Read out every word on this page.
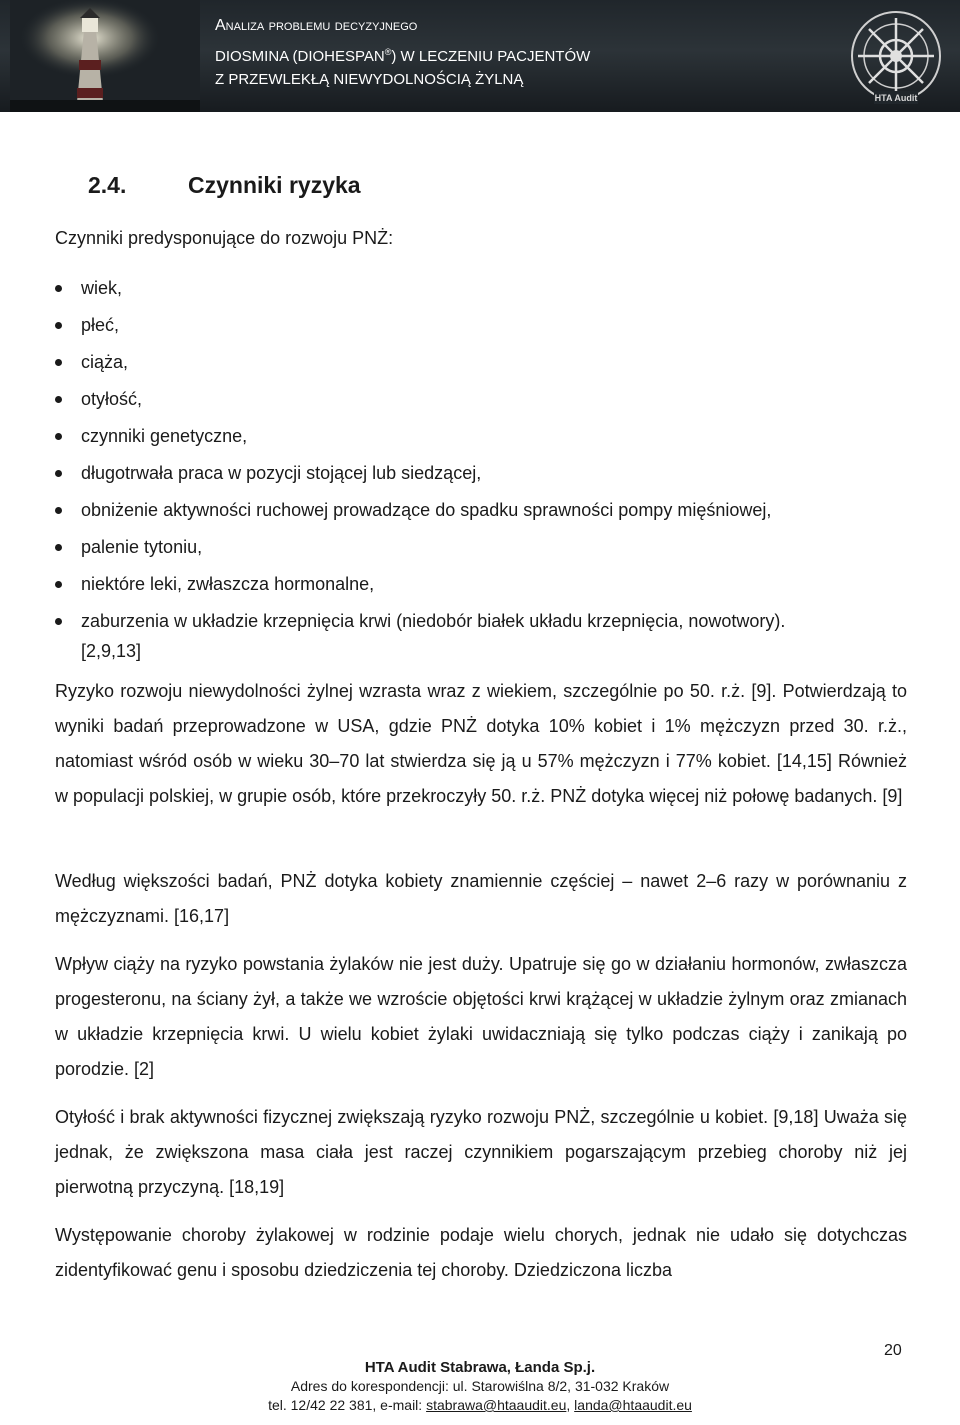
Analiza problemu decyzyjnego
DIOSMINA (DIOHESPAN®) W LECZENIU PACJENTÓW
Z PRZEWLEKŁĄ NIEWYDOLNOŚCIĄ ŻYLNĄ
HTA Audit
2.4.	Czynniki ryzyka
Czynniki predysponujące do rozwoju PNŻ:
wiek,
płeć,
ciąża,
otyłość,
czynniki genetyczne,
długotrwała praca w pozycji stojącej lub siedzącej,
obniżenie aktywności ruchowej prowadzące do spadku sprawności pompy mięśniowej,
palenie tytoniu,
niektóre leki, zwłaszcza hormonalne,
zaburzenia w układzie krzepnięcia krwi (niedobór białek układu krzepnięcia, nowotwory).
[2,9,13]
Ryzyko rozwoju niewydolności żylnej wzrasta wraz z wiekiem, szczególnie po 50. r.ż. [9]. Potwierdzają to wyniki badań przeprowadzone w USA, gdzie PNŻ dotyka 10% kobiet i 1% mężczyzn przed 30. r.ż., natomiast wśród osób w wieku 30–70 lat stwierdza się ją u 57% mężczyzn i 77% kobiet. [14,15] Również w populacji polskiej, w grupie osób, które przekroczyły 50. r.ż. PNŻ dotyka więcej niż połowę badanych. [9]
Według większości badań, PNŻ dotyka kobiety znamiennie częściej – nawet 2–6 razy w porównaniu z mężczyznami. [16,17]
Wpływ ciąży na ryzyko powstania żylaków nie jest duży. Upatruje się go w działaniu hormonów, zwłaszcza progesteronu, na ściany żył, a także we wzroście objętości krwi krążącej w układzie żylnym oraz zmianach w układzie krzepnięcia krwi. U wielu kobiet żylaki uwidaczniają się tylko podczas ciąży i zanikają po porodzie. [2]
Otyłość i brak aktywności fizycznej zwiększają ryzyko rozwoju PNŻ, szczególnie u kobiet. [9,18] Uważa się jednak, że zwiększona masa ciała jest raczej czynnikiem pogarszającym przebieg choroby niż jej pierwotną przyczyną. [18,19]
Występowanie choroby żylakowej w rodzinie podaje wielu chorych, jednak nie udało się dotychczas zidentyfikować genu i sposobu dziedziczenia tej choroby. Dziedziczona liczba
20
HTA Audit Stabrawa, Łanda Sp.j.
Adres do korespondencji: ul. Starowiślna 8/2, 31-032 Kraków
tel. 12/42 22 381, e-mail: stabrawa@htaaudit.eu, landa@htaaudit.eu
